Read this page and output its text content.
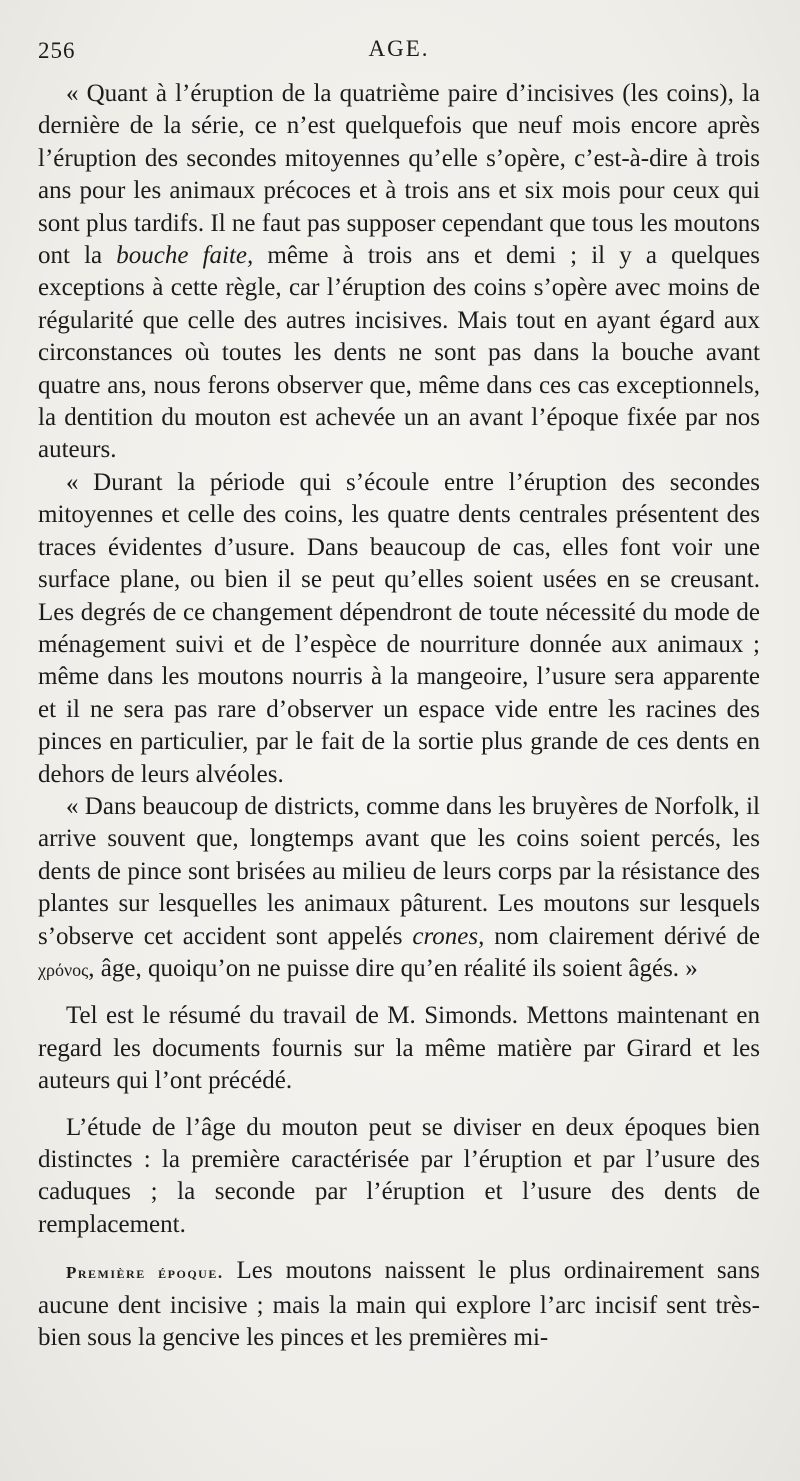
256	AGE.

« Quant à l’éruption de la quatrième paire d’incisives (les coins), la dernière de la série, ce n’est quelquefois que neuf mois encore après l’éruption des secondes mitoyennes qu’elle s’opère, c’est-à-dire à trois ans pour les animaux précoces et à trois ans et six mois pour ceux qui sont plus tardifs. Il ne faut pas supposer cependant que tous les moutons ont la bouche faite, même à trois ans et demi ; il y a quelques exceptions à cette règle, car l’éruption des coins s’opère avec moins de régularité que celle des autres incisives. Mais tout en ayant égard aux circonstances où toutes les dents ne sont pas dans la bouche avant quatre ans, nous ferons observer que, même dans ces cas exceptionnels, la dentition du mouton est achevée un an avant l’époque fixée par nos auteurs.

« Durant la période qui s’écoule entre l’éruption des secondes mitoyennes et celle des coins, les quatre dents centrales présentent des traces évidentes d’usure. Dans beaucoup de cas, elles font voir une surface plane, ou bien il se peut qu’elles soient usées en se creusant. Les degrés de ce changement dépendront de toute nécessité du mode de ménagement suivi et de l’espèce de nourriture donnée aux animaux ; même dans les moutons nourris à la mangeoire, l’usure sera apparente et il ne sera pas rare d’observer un espace vide entre les racines des pinces en particulier, par le fait de la sortie plus grande de ces dents en dehors de leurs alvéoles.

« Dans beaucoup de districts, comme dans les bruyères de Norfolk, il arrive souvent que, longtemps avant que les coins soient percés, les dents de pince sont brisées au milieu de leurs corps par la résistance des plantes sur lesquelles les animaux pâturent. Les moutons sur lesquels s’observe cet accident sont appelés crones, nom clairement dérivé de χρόνος, âge, quoiqu’on ne puisse dire qu’en réalité ils soient âgés. »

Tel est le résumé du travail de M. Simonds. Mettons maintenant en regard les documents fournis sur la même matière par Girard et les auteurs qui l’ont précédé.

L’étude de l’âge du mouton peut se diviser en deux époques bien distinctes : la première caractérisée par l’éruption et par l’usure des caduques ; la seconde par l’éruption et l’usure des dents de remplacement.

Première époque. Les moutons naissent le plus ordinairement sans aucune dent incisive ; mais la main qui explore l’arc incisif sent très-bien sous la gencive les pinces et les premières mi-
